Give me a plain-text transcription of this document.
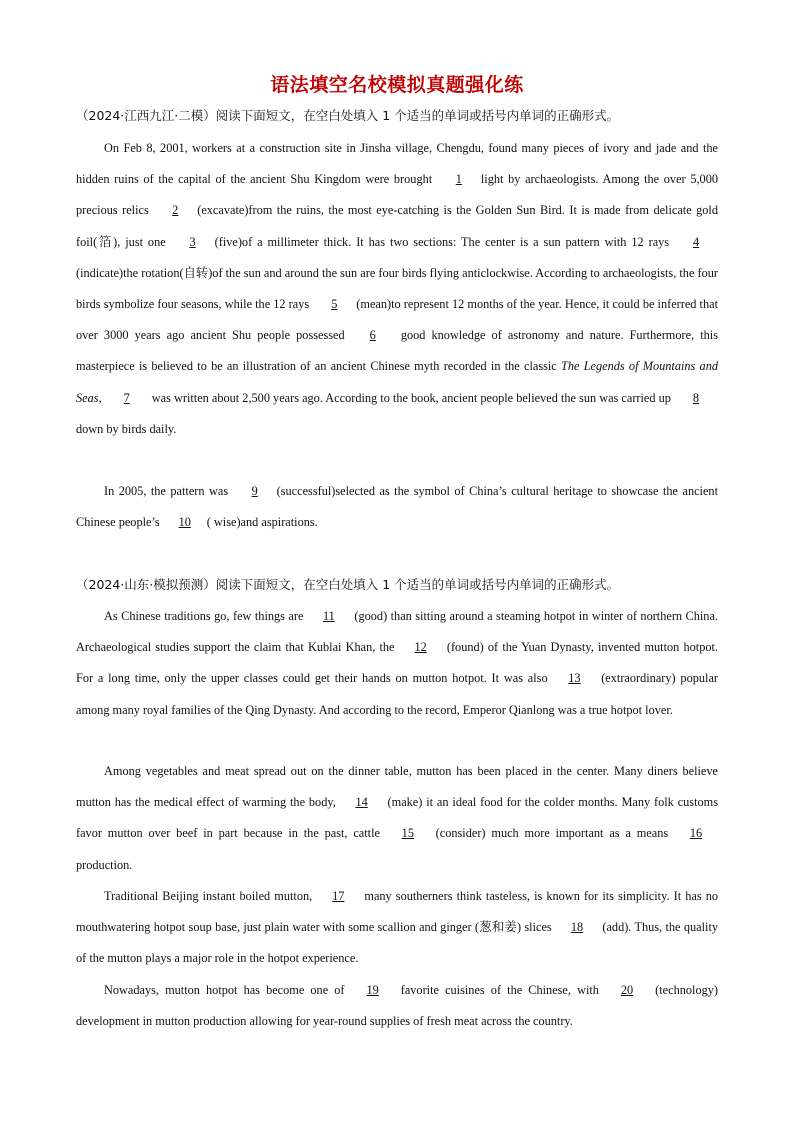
语法填空名校模拟真题强化练
（2024·江西九江·二模）阅读下面短文，在空白处填入 1 个适当的单词或括号内单词的正确形式。

On Feb 8, 2001, workers at a construction site in Jinsha village, Chengdu, found many pieces of ivory and jade and the hidden ruins of the capital of the ancient Shu Kingdom were brought 1 light by archaeologists. Among the over 5,000 precious relics 2 (excavate)from the ruins, the most eye-catching is the Golden Sun Bird. It is made from delicate gold foil(箔), just one 3 (five)of a millimeter thick. It has two sections: The center is a sun pattern with 12 rays 4(indicate)the rotation(自转)of the sun and around the sun are four birds flying anticlockwise. According to archaeologists, the four birds symbolize four seasons, while the 12 rays 5 (mean)to represent 12 months of the year. Hence, it could be inferred that over 3000 years ago ancient Shu people possessed 6 good knowledge of astronomy and nature. Furthermore, this masterpiece is believed to be an illustration of an ancient Chinese myth recorded in the classic The Legends of Mountains and Seas, 7 was written about 2,500 years ago. According to the book, ancient people believed the sun was carried up 8down by birds daily.

In 2005, the pattern was 9 (successful)selected as the symbol of China’s cultural heritage to showcase the ancient Chinese people’s 10 ( wise)and aspirations.

（2024·山东·模拟预测）阅读下面短文，在空白处填入 1 个适当的单词或括号内单词的正确形式。

As Chinese traditions go, few things are 11 (good) than sitting around a steaming hotpot in winter of northern China. Archaeological studies support the claim that Kublai Khan, the 12 (found) of the Yuan Dynasty, invented mutton hotpot. For a long time, only the upper classes could get their hands on mutton hotpot. It was also 13 (extraordinary) popular among many royal families of the Qing Dynasty. And according to the record, Emperor Qianlong was a true hotpot lover.

Among vegetables and meat spread out on the dinner table, mutton has been placed in the center. Many diners believe mutton has the medical effect of warming the body, 14 (make) it an ideal food for the colder months. Many folk customs favor mutton over beef in part because in the past, cattle 15 (consider) much more important as a means 16 production.

Traditional Beijing instant boiled mutton, 17 many southerners think tasteless, is known for its simplicity. It has no mouthwatering hotpot soup base, just plain water with some scallion and ginger (葱和姜) slices 18 (add). Thus, the quality of the mutton plays a major role in the hotpot experience.

Nowadays, mutton hotpot has become one of 19 favorite cuisines of the Chinese, with 20 (technology) development in mutton production allowing for year-round supplies of fresh meat across the country.
